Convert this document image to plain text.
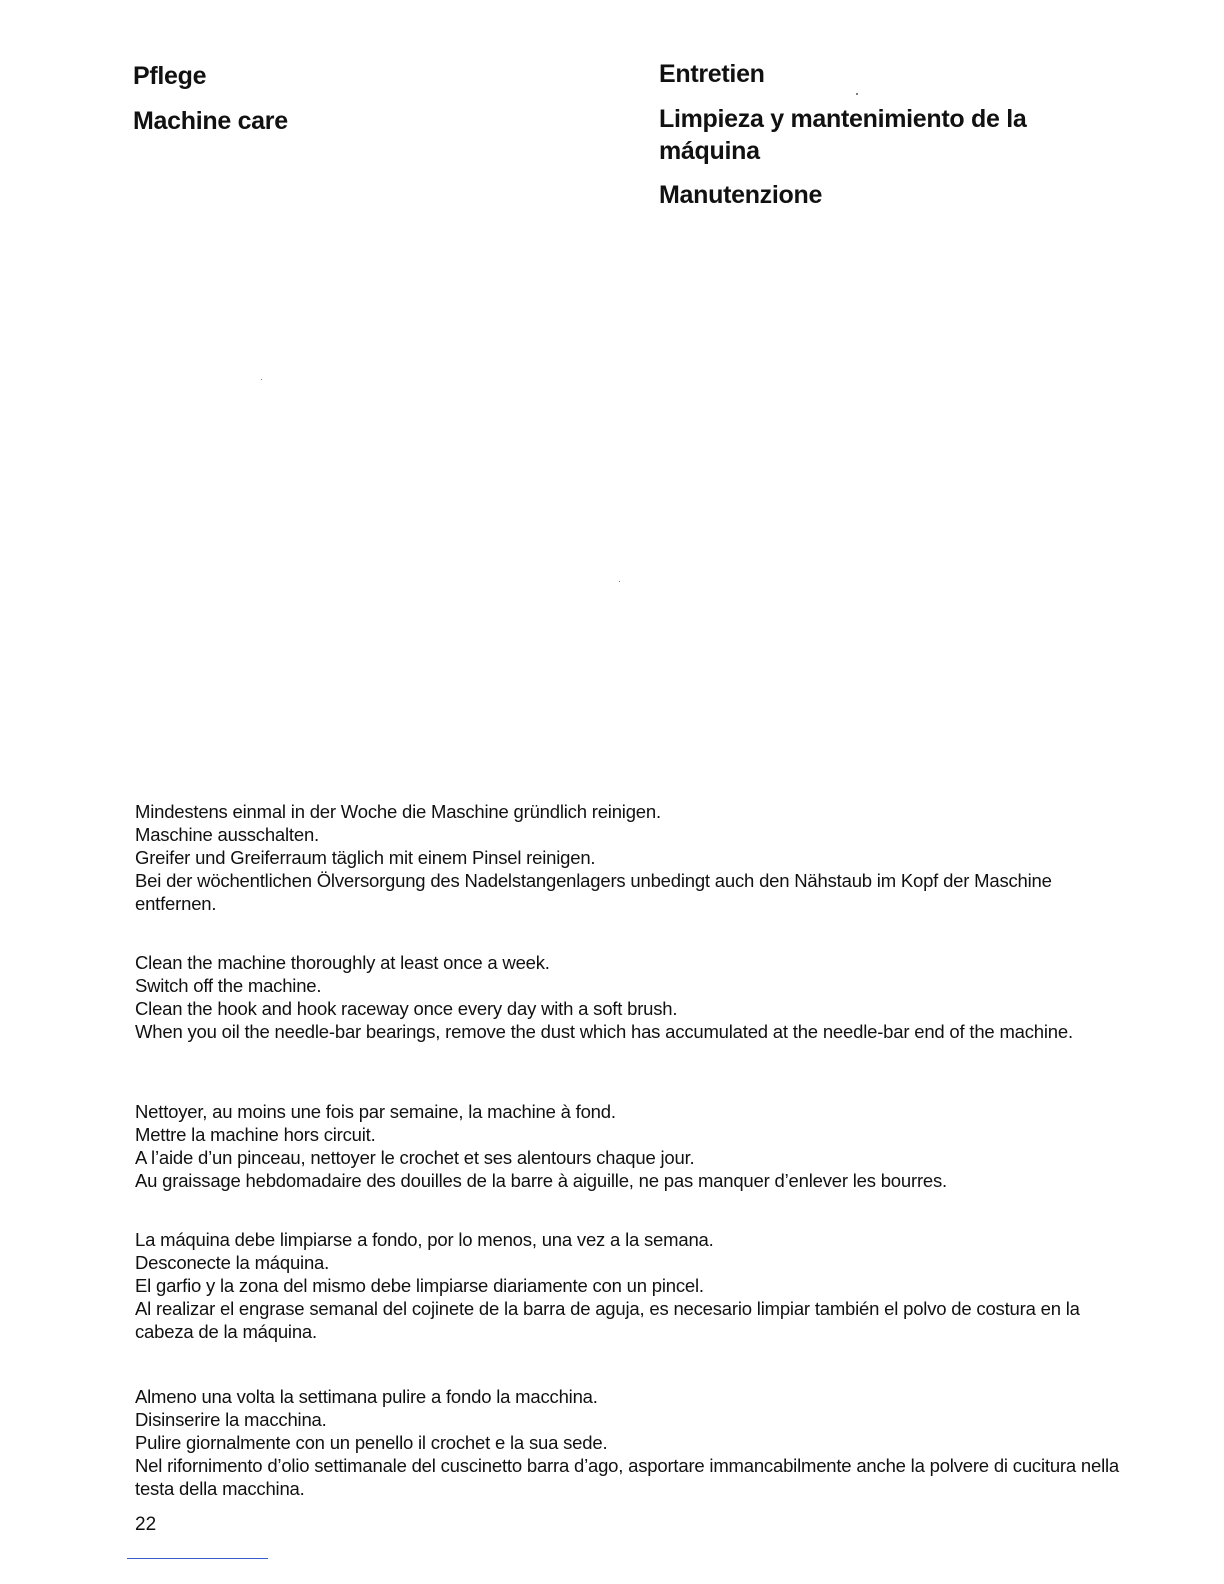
Pflege
Machine care
Entretien
Limpieza y mantenimiento de la máquina
Manutenzione
Mindestens einmal in der Woche die Maschine gründlich reinigen.
Maschine ausschalten.
Greifer und Greiferraum täglich mit einem Pinsel reinigen.
Bei der wöchentlichen Ölversorgung des Nadelstangenlagers unbedingt auch den Nähstaub im Kopf der Maschine entfernen.
Clean the machine thoroughly at least once a week.
Switch off the machine.
Clean the hook and hook raceway once every day with a soft brush.
When you oil the needle-bar bearings, remove the dust which has accumulated at the needle-bar end of the machine.
Nettoyer, au moins une fois par semaine, la machine à fond.
Mettre la machine hors circuit.
A l’aide d’un pinceau, nettoyer le crochet et ses alentours chaque jour.
Au graissage hebdomadaire des douilles de la barre à aiguille, ne pas manquer d’enlever les bourres.
La máquina debe limpiarse a fondo, por lo menos, una vez a la semana.
Desconecte la máquina.
El garfio y la zona del mismo debe limpiarse diariamente con un pincel.
Al realizar el engrase semanal del cojinete de la barra de aguja, es necesario limpiar también el polvo de costura en la cabeza de la máquina.
Almeno una volta la settimana pulire a fondo la macchina.
Disinserire la macchina.
Pulire giornalmente con un penello il crochet e la sua sede.
Nel rifornimento d’olio settimanale del cuscinetto barra d’ago, asportare immancabilmente anche la polvere di cucitura nella testa della macchina.

22
